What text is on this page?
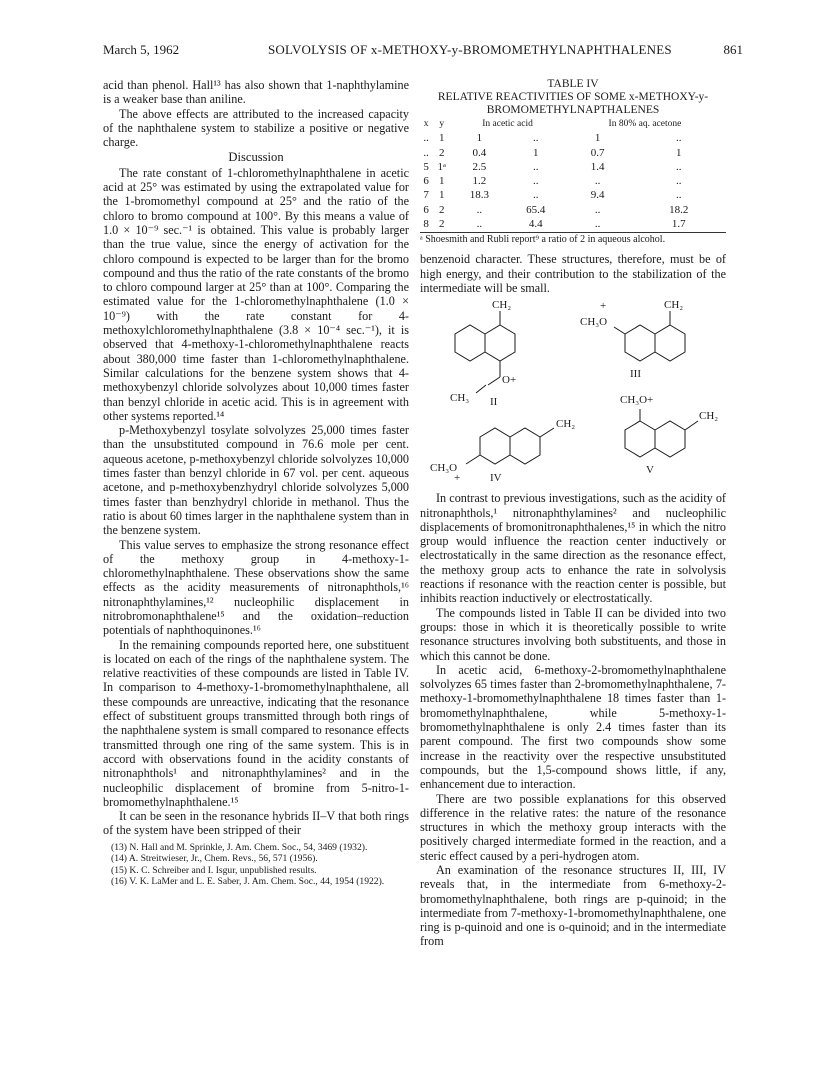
March 5, 1962	SOLVOLYSIS OF x-METHOXY-y-BROMOMETHYLNAPHTHALENES	861

acid than phenol. Hall¹³ has also shown that 1-naphthylamine is a weaker base than aniline.

The above effects are attributed to the increased capacity of the naphthalene system to stabilize a positive or negative charge.

Discussion

The rate constant of 1-chloromethylnaphthalene in acetic acid at 25° was estimated by using the extrapolated value for the 1-bromomethyl compound at 25° and the ratio of the chloro to bromo compound at 100°. By this means a value of 1.0 × 10⁻⁹ sec.⁻¹ is obtained. This value is probably larger than the true value, since the energy of activation for the chloro compound is expected to be larger than for the bromo compound and thus the ratio of the rate constants of the bromo to chloro compound larger at 25° than at 100°. Comparing the estimated value for the 1-chloromethylnaphthalene (1.0 × 10⁻⁹) with the rate constant for 4-methoxylchloromethylnaphthalene (3.8 × 10⁻⁴ sec.⁻¹), it is observed that 4-methoxy-1-chloromethylnaphthalene reacts about 380,000 time faster than 1-chloromethylnaphthalene. Similar calculations for the benzene system shows that 4-methoxybenzyl chloride solvolyzes about 10,000 times faster than benzyl chloride in acetic acid. This is in agreement with other systems reported.¹⁴

p-Methoxybenzyl tosylate solvolyzes 25,000 times faster than the unsubstituted compound in 76.6 mole per cent. aqueous acetone, p-methoxybenzyl chloride solvolyzes 10,000 times faster than benzyl chloride in 67 vol. per cent. aqueous acetone, and p-methoxybenzhydryl chloride solvolyzes 5,000 times faster than benzhydryl chloride in methanol. Thus the ratio is about 60 times larger in the naphthalene system than in the benzene system.

This value serves to emphasize the strong resonance effect of the methoxy group in 4-methoxy-1-chloromethylnaphthalene. These observations show the same effects as the acidity measurements of nitronaphthols,¹⁶ nitronaphthylamines,¹² nucleophilic displacement in nitrobromonaphthalene¹⁵ and the oxidation–reduction potentials of naphthoquinones.¹⁶

In the remaining compounds reported here, one substituent is located on each of the rings of the naphthalene system. The relative reactivities of these compounds are listed in Table IV. In comparison to 4-methoxy-1-bromomethylnaphthalene, all these compounds are unreactive, indicating that the resonance effect of substituent groups transmitted through both rings of the naphthalene system is small compared to resonance effects transmitted through one ring of the same system. This is in accord with observations found in the acidity constants of nitronaphthols¹ and nitronaphthylamines² and in the nucleophilic displacement of bromine from 5-nitro-1-bromomethylnaphthalene.¹⁵

It can be seen in the resonance hybrids II–V that both rings of the system have been stripped of their

(13) N. Hall and M. Sprinkle, J. Am. Chem. Soc., 54, 3469 (1932).
(14) A. Streitwieser, Jr., Chem. Revs., 56, 571 (1956).
(15) K. C. Schreiber and I. Isgur, unpublished results.
(16) V. K. LaMer and L. E. Saber, J. Am. Chem. Soc., 44, 1954 (1922).
TABLE IV
RELATIVE REACTIVITIES OF SOME x-METHOXY-y-BROMOMETHYLNAPTHALENES
x	y	In acetic acid		In 80% aq. acetone	
..	1	1	..	1	..
..	2	0.4	1	0.7	1
5	1ᵃ	2.5	..	1.4	..
6	1	1.2	..	..	..
7	1	18.3	..	9.4	..
6	2	..	65.4	..	18.2
8	2	..	4.4	..	1.7
ᵃ Shoesmith and Rubli report⁹ a ratio of 2 in aqueous alcohol.

benzenoid character. These structures, therefore, must be of high energy, and their contribution to the stabilization of the intermediate will be small.

CH₂
O+
CH₃ II
CH₂
+
CH₃O
III
CH₂
CH₃O
+	IV
CH₃O+
CH₂
V

In contrast to previous investigations, such as the acidity of nitronaphthols,¹ nitronaphthylamines² and nucleophilic displacements of bromonitronaphthalenes,¹⁵ in which the nitro group would influence the reaction center inductively or electrostatically in the same direction as the resonance effect, the methoxy group acts to enhance the rate in solvolysis reactions if resonance with the reaction center is possible, but inhibits reaction inductively or electrostatically.

The compounds listed in Table II can be divided into two groups: those in which it is theoretically possible to write resonance structures involving both substituents, and those in which this cannot be done.

In acetic acid, 6-methoxy-2-bromomethylnaphthalene solvolyzes 65 times faster than 2-bromomethylnaphthalene, 7-methoxy-1-bromomethylnaphthalene 18 times faster than 1-bromomethylnaphthalene, while 5-methoxy-1-bromomethylnaphthalene is only 2.4 times faster than its parent compound. The first two compounds show some increase in the reactivity over the respective unsubstituted compounds, but the 1,5-compound shows little, if any, enhancement due to interaction.

There are two possible explanations for this observed difference in the relative rates: the nature of the resonance structures in which the methoxy group interacts with the positively charged intermediate formed in the reaction, and a steric effect caused by a peri-hydrogen atom.

An examination of the resonance structures II, III, IV reveals that, in the intermediate from 6-methoxy-2-bromomethylnaphthalene, both rings are p-quinoid; in the intermediate from 7-methoxy-1-bromomethylnaphthalene, one ring is p-quinoid and one is o-quinoid; and in the intermediate from
